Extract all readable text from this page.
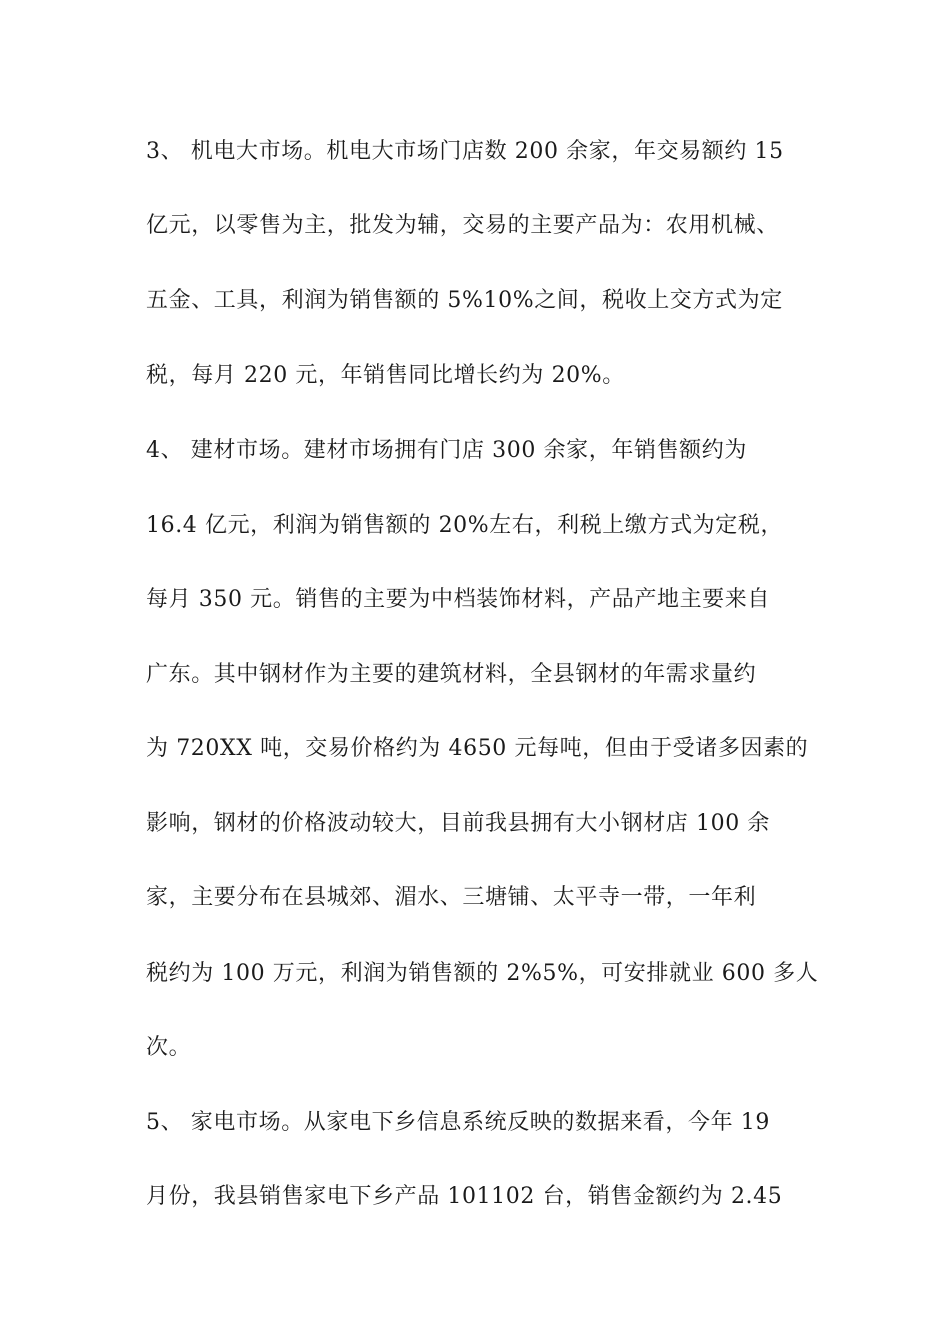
3、 机电大市场。机电大市场门店数 200 余家，年交易额约 15
亿元，以零售为主，批发为辅，交易的主要产品为：农用机械、
五金、工具，利润为销售额的 5%10%之间，税收上交方式为定
税，每月 220 元，年销售同比增长约为 20%。
4、 建材市场。建材市场拥有门店 300 余家，年销售额约为
16.4 亿元，利润为销售额的 20%左右，利税上缴方式为定税，
每月 350 元。销售的主要为中档装饰材料，产品产地主要来自
广东。其中钢材作为主要的建筑材料，全县钢材的年需求量约
为 720XX 吨，交易价格约为 4650 元每吨，但由于受诸多因素的
影响，钢材的价格波动较大，目前我县拥有大小钢材店 100 余
家，主要分布在县城郊、湄水、三塘铺、太平寺一带，一年利
税约为 100 万元，利润为销售额的 2%5%，可安排就业 600 多人
次。
5、 家电市场。从家电下乡信息系统反映的数据来看，今年 19
月份，我县销售家电下乡产品 101102 台，销售金额约为 2.45
